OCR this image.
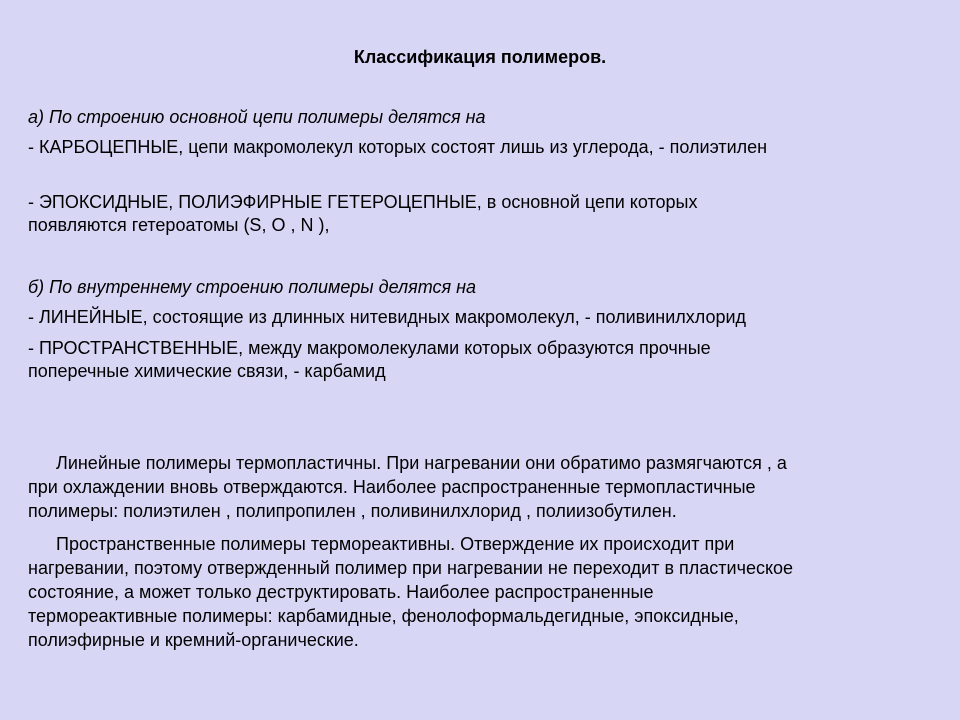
Классификация полимеров.
а) По строению основной цепи полимеры делятся на
- КАРБОЦЕПНЫЕ, цепи макромолекул которых состоят лишь из углерода, - полиэтилен
- ЭПОКСИДНЫЕ, ПОЛИЭФИРНЫЕ ГЕТЕРОЦЕПНЫЕ, в основной цепи которых
появляются гетероатомы (S, O , N ),
б) По внутреннему строению полимеры делятся на
- ЛИНЕЙНЫЕ, состоящие из длинных нитевидных макромолекул, - поливинилхлорид
- ПРОСТРАНСТВЕННЫЕ, между макромолекулами которых образуются прочные
поперечные химические связи, - карбамид
Линейные полимеры термопластичны. При нагревании они обратимо размягчаются , а
при охлаждении вновь отверждаются. Наиболее распространенные термопластичные
полимеры: полиэтилен , полипропилен , поливинилхлорид , полиизобутилен.
Пространственные полимеры термореактивны. Отверждение их происходит при
нагревании, поэтому отвержденный полимер при нагревании не переходит в пластическое
состояние, а может только деструктировать. Наиболее распространенные
термореактивные полимеры: карбамидные, фенолоформальдегидные, эпоксидные,
полиэфирные и кремний-органические.
